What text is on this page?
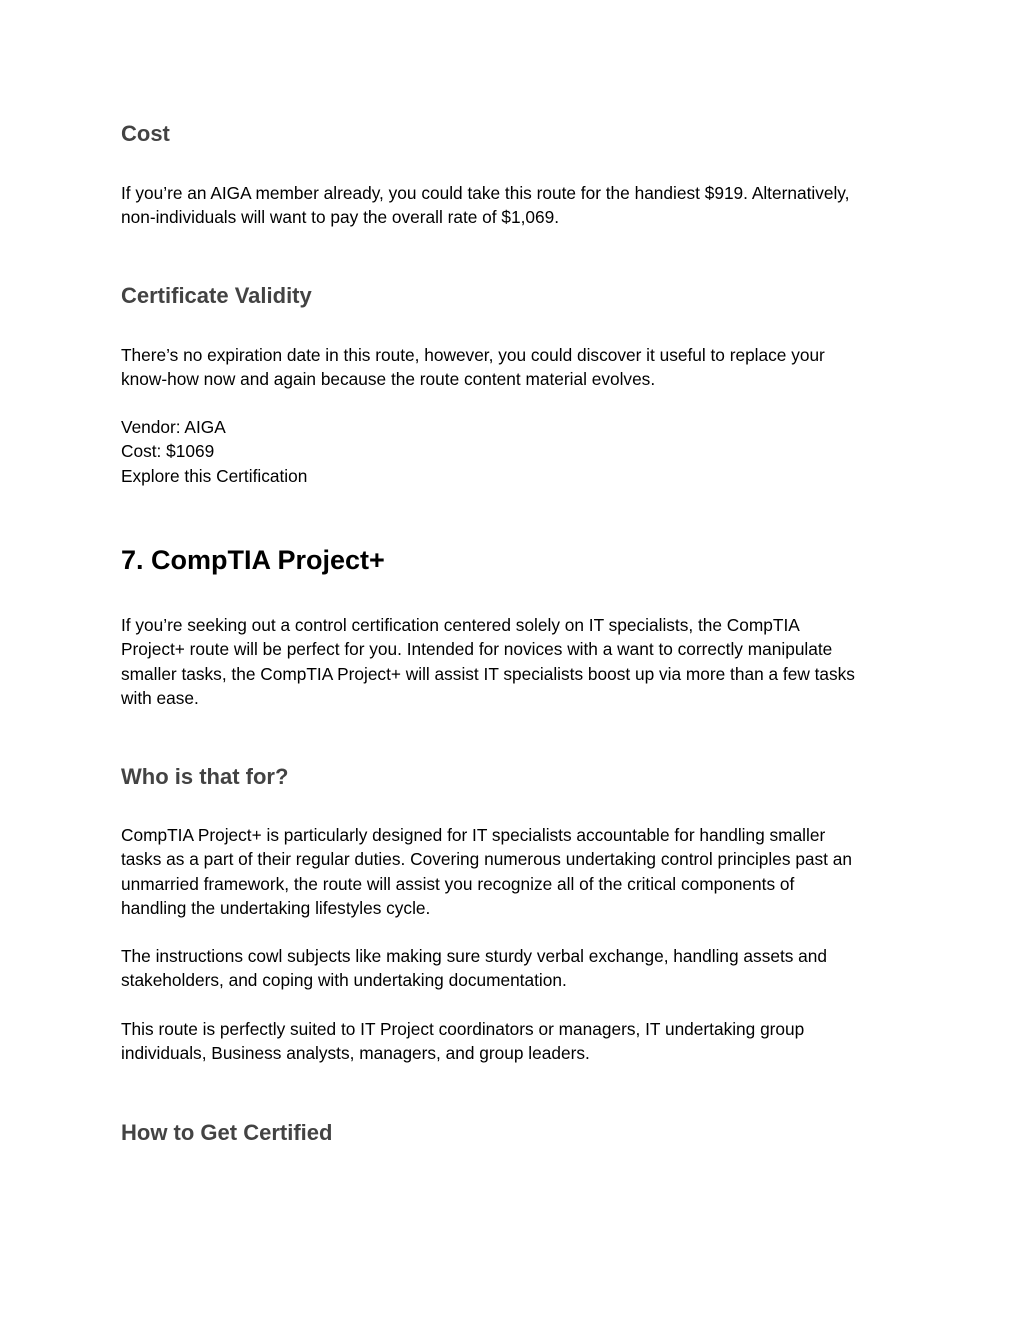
Cost

If you’re an AIGA member already, you could take this route for the handiest $919. Alternatively,
non-individuals will want to pay the overall rate of $1,069.

Certificate Validity

There’s no expiration date in this route, however, you could discover it useful to replace your
know-how now and again because the route content material evolves.

Vendor: AIGA
Cost: $1069
Explore this Certification

7. CompTIA Project+

If you’re seeking out a control certification centered solely on IT specialists, the CompTIA
Project+ route will be perfect for you. Intended for novices with a want to correctly manipulate
smaller tasks, the CompTIA Project+ will assist IT specialists boost up via more than a few tasks
with ease.

Who is that for?

CompTIA Project+ is particularly designed for IT specialists accountable for handling smaller
tasks as a part of their regular duties. Covering numerous undertaking control principles past an
unmarried framework, the route will assist you recognize all of the critical components of
handling the undertaking lifestyles cycle.

The instructions cowl subjects like making sure sturdy verbal exchange, handling assets and
stakeholders, and coping with undertaking documentation.

This route is perfectly suited to IT Project coordinators or managers, IT undertaking group
individuals, Business analysts, managers, and group leaders.

How to Get Certified
